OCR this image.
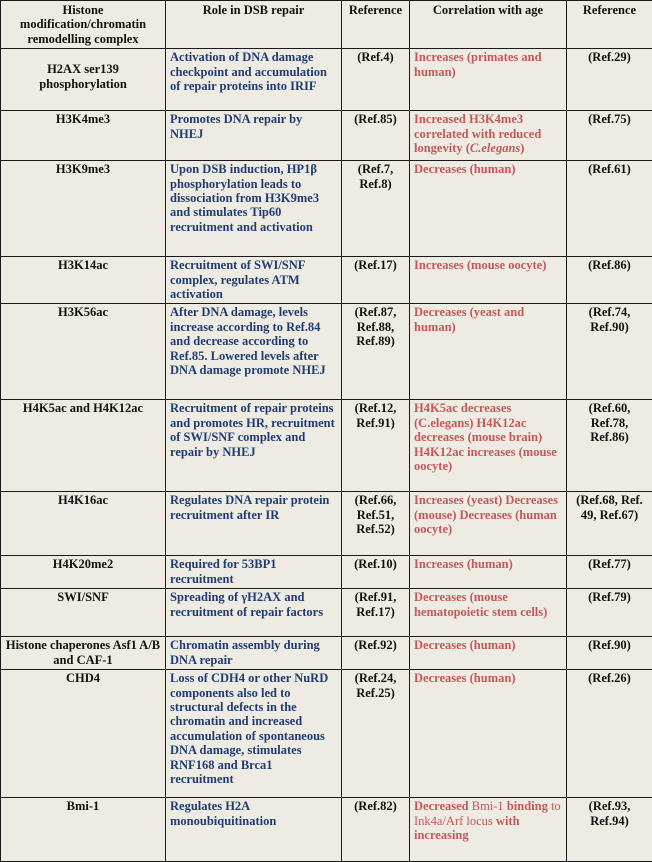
Histone modification/chromatin remodelling complex	Role in DSB repair	Reference	Correlation with age	Reference

H2AX ser139 phosphorylation	Activation of DNA damage checkpoint and accumulation of repair proteins into IRIF	(Ref.4)	Increases (primates and human)	(Ref.29)
H3K4me3	Promotes DNA repair by NHEJ	(Ref.85)	Increased H3K4me3 correlated with reduced longevity (C.elegans)	(Ref.75)
H3K9me3	Upon DSB induction, HP1β phosphorylation leads to dissociation from H3K9me3 and stimulates Tip60 recruitment and activation	(Ref.7, Ref.8)	Decreases (human)	(Ref.61)
H3K14ac	Recruitment of SWI/SNF complex, regulates ATM activation	(Ref.17)	Increases (mouse oocyte)	(Ref.86)
H3K56ac	After DNA damage, levels increase according to Ref.84 and decrease according to Ref.85. Lowered levels after DNA damage promote NHEJ	(Ref.87, Ref.88, Ref.89)	Decreases (yeast and human)	(Ref.74, Ref.90)
H4K5ac and H4K12ac	Recruitment of repair proteins and promotes HR, recruitment of SWI/SNF complex and repair by NHEJ	(Ref.12, Ref.91)	H4K5ac decreases (C.elegans) H4K12ac decreases (mouse brain) H4K12ac increases (mouse oocyte)	(Ref.60, Ref.78, Ref.86)
H4K16ac	Regulates DNA repair protein recruitment after IR	(Ref.66, Ref.51, Ref.52)	Increases (yeast) Decreases (mouse) Decreases (human oocyte)	(Ref.68, Ref. 49, Ref.67)
H4K20me2	Required for 53BP1 recruitment	(Ref.10)	Increases (human)	(Ref.77)
SWI/SNF	Spreading of γH2AX and recruitment of repair factors	(Ref.91, Ref.17)	Decreases (mouse hematopoietic stem cells)	(Ref.79)
Histone chaperones Asf1 A/B and CAF-1	Chromatin assembly during DNA repair	(Ref.92)	Decreases (human)	(Ref.90)
CHD4	Loss of CDH4 or other NuRD components also led to structural defects in the chromatin and increased accumulation of spontaneous DNA damage, stimulates RNF168 and Brca1 recruitment	(Ref.24, Ref.25)	Decreases (human)	(Ref.26)
Bmi-1	Regulates H2A monoubiquitination	(Ref.82)	Decreased Bmi-1 binding to Ink4a/Arf locus with increasing	(Ref.93, Ref.94)
